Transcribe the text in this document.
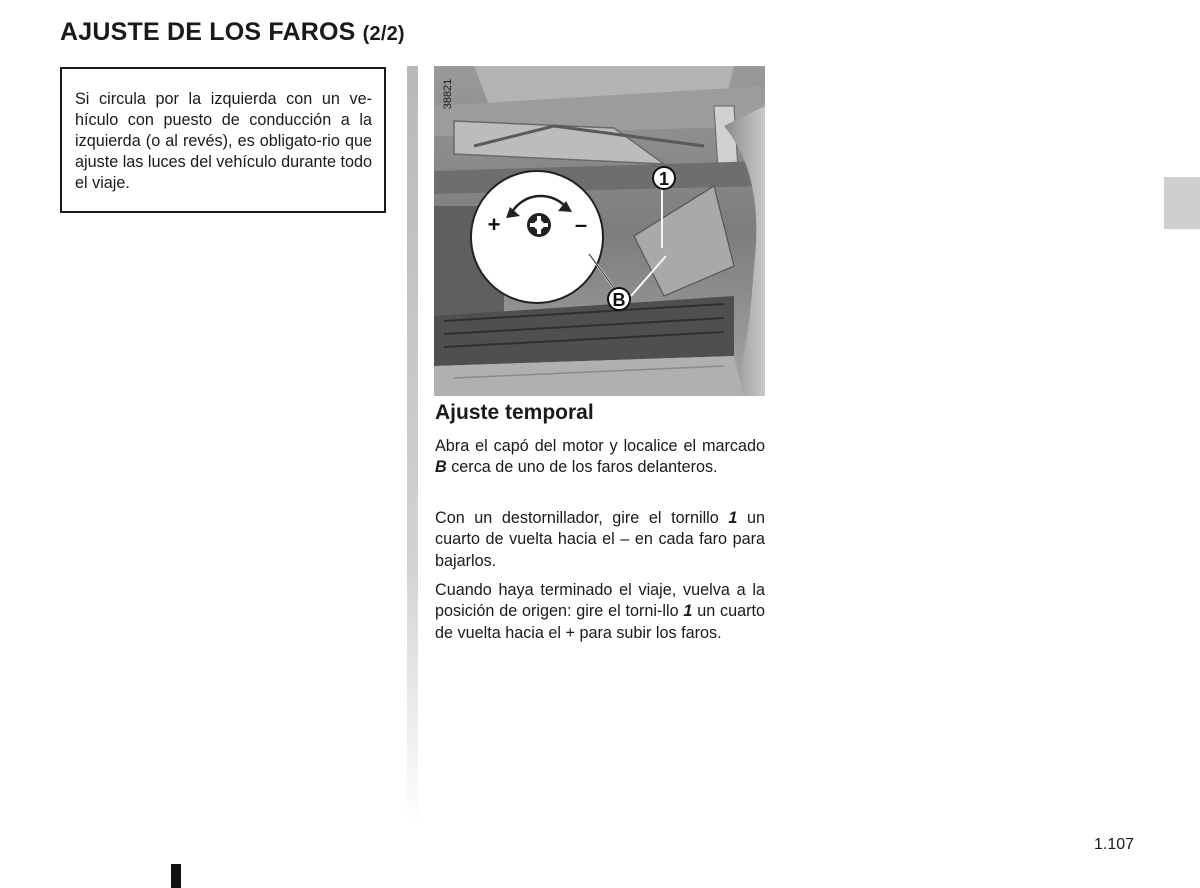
AJUSTE DE LOS FAROS (2/2)
Si circula por la izquierda con un ve-hículo con puesto de conducción a la izquierda (o al revés), es obligato-rio que ajuste las luces del vehículo durante todo el viaje.	1
B
+	–
38821
Ajuste temporal

Abra el capó del motor y localice el marcado B cerca de uno de los faros delanteros.

Con un destornillador, gire el tornillo 1 un cuarto de vuelta hacia el – en cada faro para bajarlos.

Cuando haya terminado el viaje, vuelva a la posición de origen: gire el torni-llo 1 un cuarto de vuelta hacia el + para subir los faros.

1.107
